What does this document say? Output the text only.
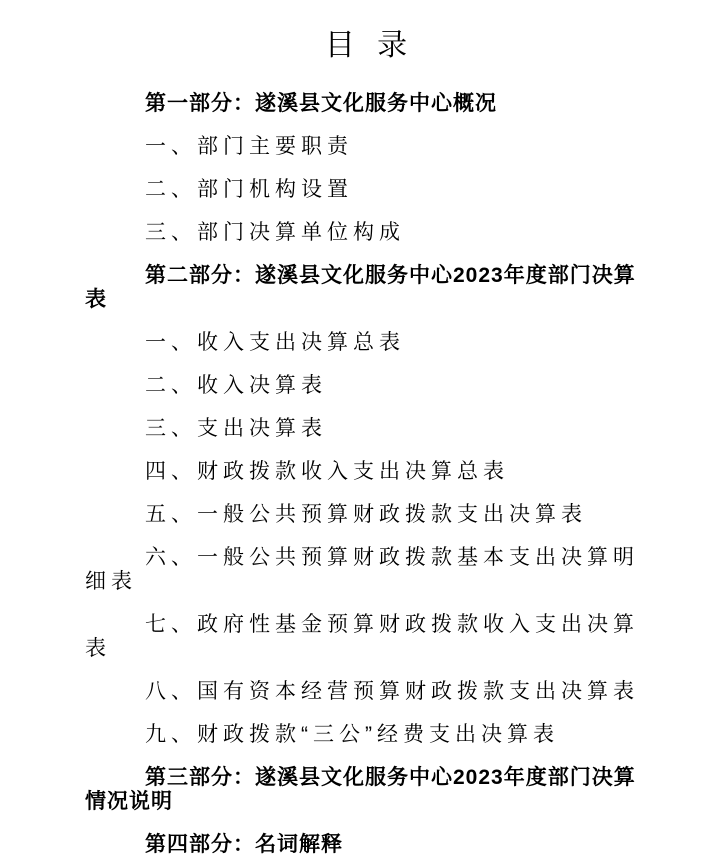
目 录

第一部分：遂溪县文化服务中心概况

一、部门主要职责

二、部门机构设置

三、部门决算单位构成

第二部分：遂溪县文化服务中心2023年度部门决算表

一、收入支出决算总表

二、收入决算表

三、支出决算表

四、财政拨款收入支出决算总表

五、一般公共预算财政拨款支出决算表

六、一般公共预算财政拨款基本支出决算明细表

七、政府性基金预算财政拨款收入支出决算表

八、国有资本经营预算财政拨款支出决算表

九、财政拨款“三公”经费支出决算表

第三部分：遂溪县文化服务中心2023年度部门决算情况说明

第四部分：名词解释
